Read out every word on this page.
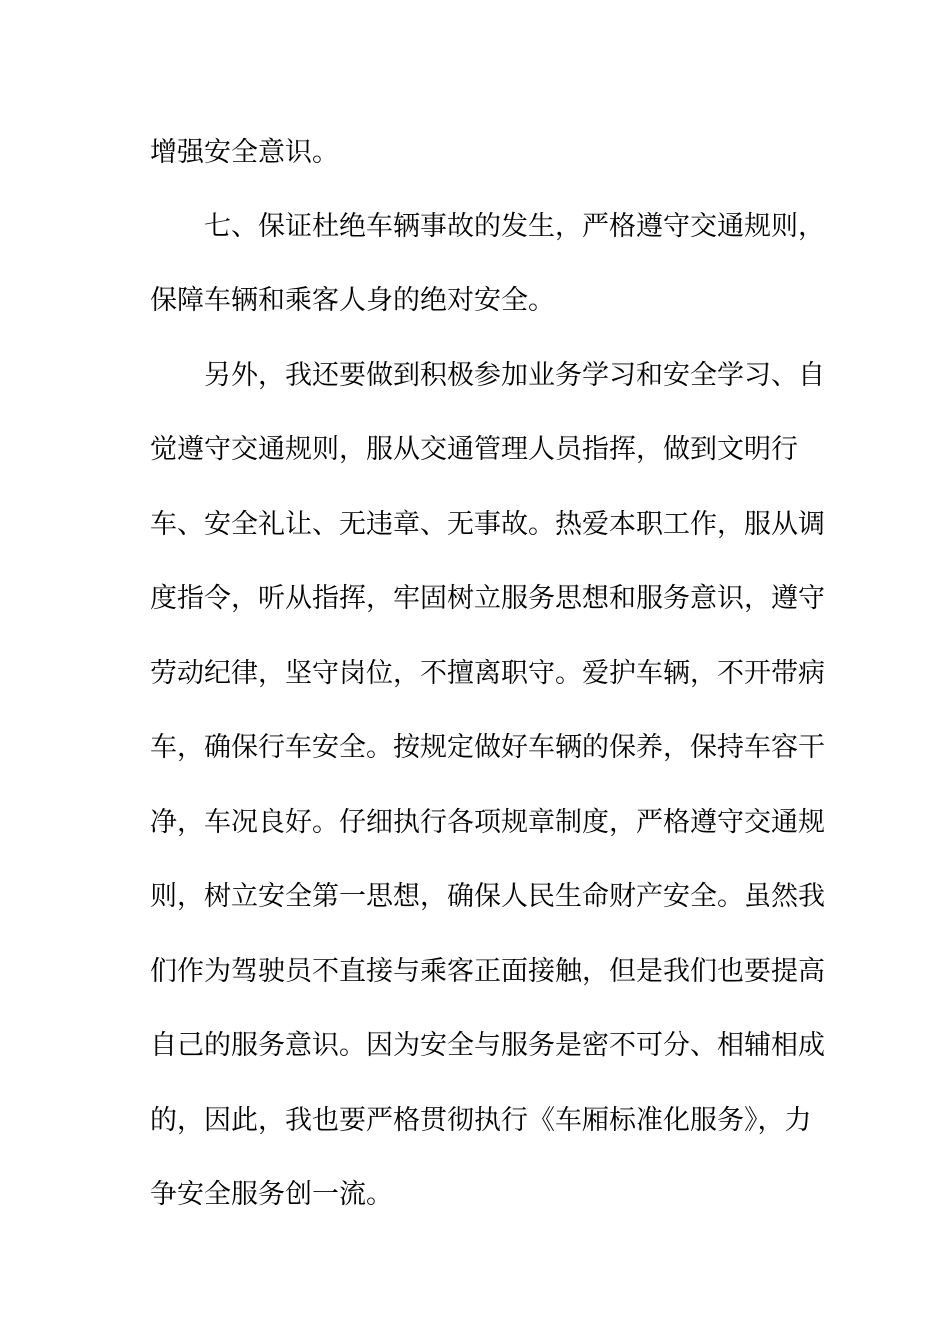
增强安全意识。
七、保证杜绝车辆事故的发生，严格遵守交通规则，
保障车辆和乘客人身的绝对安全。
另外，我还要做到积极参加业务学习和安全学习、自
觉遵守交通规则，服从交通管理人员指挥，做到文明行
车、安全礼让、无违章、无事故。热爱本职工作，服从调
度指令，听从指挥，牢固树立服务思想和服务意识，遵守
劳动纪律，坚守岗位，不擅离职守。爱护车辆，不开带病
车，确保行车安全。按规定做好车辆的保养，保持车容干
净，车况良好。仔细执行各项规章制度，严格遵守交通规
则，树立安全第一思想，确保人民生命财产安全。虽然我
们作为驾驶员不直接与乘客正面接触，但是我们也要提高
自己的服务意识。因为安全与服务是密不可分、相辅相成
的，因此，我也要严格贯彻执行《车厢标准化服务》，力
争安全服务创一流。
